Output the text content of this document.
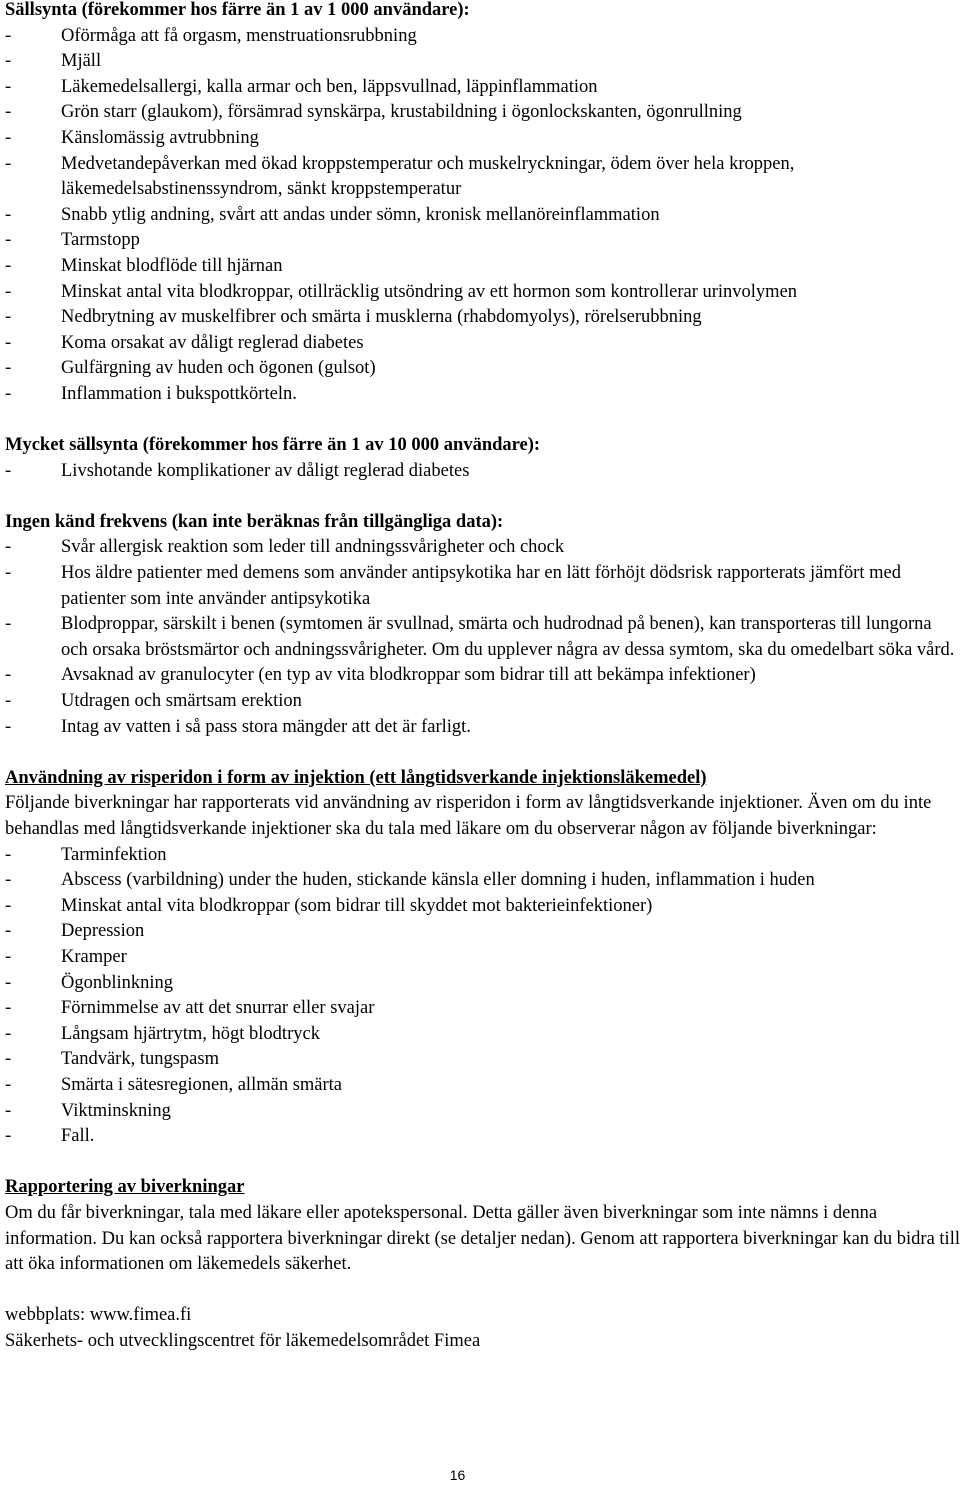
Sällsynta (förekommer hos färre än 1 av 1 000 användare):
-	Oförmåga att få orgasm, menstruationsrubbning
-	Mjäll
-	Läkemedelsallergi, kalla armar och ben, läppsvullnad, läppinflammation
-	Grön starr (glaukom), försämrad synskärpa, krustabildning i ögonlockskanten, ögonrullning
-	Känslomässig avtrubbning
-	Medvetandepåverkan med ökad kroppstemperatur och muskelryckningar, ödem över hela kroppen, läkemedelsabstinenssyndrom, sänkt kroppstemperatur
-	Snabb ytlig andning, svårt att andas under sömn, kronisk mellanöreinflammation
-	Tarmstopp
-	Minskat blodflöde till hjärnan
-	Minskat antal vita blodkroppar, otillräcklig utsöndring av ett hormon som kontrollerar urinvolymen
-	Nedbrytning av muskelfibrer och smärta i musklerna (rhabdomyolys), rörelserubbning
-	Koma orsakat av dåligt reglerad diabetes
-	Gulfärgning av huden och ögonen (gulsot)
-	Inflammation i bukspottkörteln.
Mycket sällsynta (förekommer hos färre än 1 av 10 000 användare):
-	Livshotande komplikationer av dåligt reglerad diabetes
Ingen känd frekvens (kan inte beräknas från tillgängliga data):
-	Svår allergisk reaktion som leder till andningssvårigheter och chock
-	Hos äldre patienter med demens som använder antipsykotika har en lätt förhöjt dödsrisk rapporterats jämfört med patienter som inte använder antipsykotika
-	Blodproppar, särskilt i benen (symtomen är svullnad, smärta och hudrodnad på benen), kan transporteras till lungorna och orsaka bröstsmärtor och andningssvårigheter. Om du upplever några av dessa symtom, ska du omedelbart söka vård.
-	Avsaknad av granulocyter (en typ av vita blodkroppar som bidrar till att bekämpa infektioner)
-	Utdragen och smärtsam erektion
-	Intag av vatten i så pass stora mängder att det är farligt.
Användning av risperidon i form av injektion (ett långtidsverkande injektionsläkemedel)
Följande biverkningar har rapporterats vid användning av risperidon i form av långtidsverkande injektioner. Även om du inte behandlas med långtidsverkande injektioner ska du tala med läkare om du observerar någon av följande biverkningar:
-	Tarminfektion
-	Abscess (varbildning) under the huden, stickande känsla eller domning i huden, inflammation i huden
-	Minskat antal vita blodkroppar (som bidrar till skyddet mot bakterieinfektioner)
-	Depression
-	Kramper
-	Ögonblinkning
-	Förnimmelse av att det snurrar eller svajar
-	Långsam hjärtrytm, högt blodtryck
-	Tandvärk, tungspasm
-	Smärta i sätesregionen, allmän smärta
-	Viktminskning
-	Fall.
Rapportering av biverkningar
Om du får biverkningar, tala med läkare eller apotekspersonal. Detta gäller även biverkningar som inte nämns i denna information. Du kan också rapportera biverkningar direkt (se detaljer nedan). Genom att rapportera biverkningar kan du bidra till att öka informationen om läkemedels säkerhet.
webbplats: www.fimea.fi
Säkerhets- och utvecklingscentret för läkemedelsområdet Fimea
16
